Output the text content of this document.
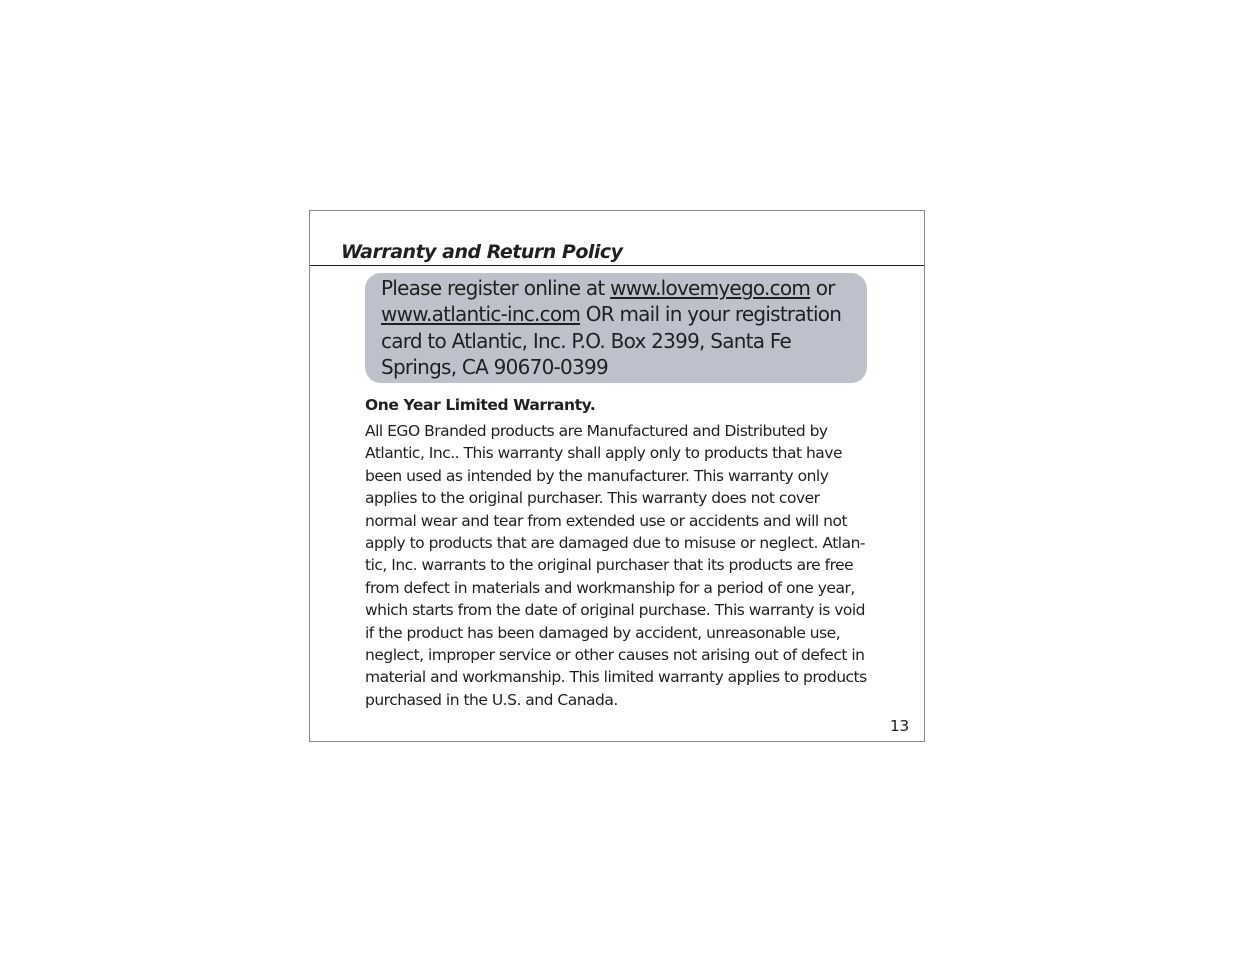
Warranty and Return Policy
Please register online at www.lovemyego.com or
www.atlantic-inc.com OR mail in your registration
card to Atlantic, Inc. P.O. Box 2399, Santa Fe
Springs, CA 90670-0399
One Year Limited Warranty.
All EGO Branded products are Manufactured and Distributed by
Atlantic, Inc.. This warranty shall apply only to products that have
been used as intended by the manufacturer. This warranty only
applies to the original purchaser. This warranty does not cover
normal wear and tear from extended use or accidents and will not
apply to products that are damaged due to misuse or neglect. Atlan-
tic, Inc. warrants to the original purchaser that its products are free
from defect in materials and workmanship for a period of one year,
which starts from the date of original purchase. This warranty is void
if the product has been damaged by accident, unreasonable use,
neglect, improper service or other causes not arising out of defect in
material and workmanship. This limited warranty applies to products
purchased in the U.S. and Canada.
13
